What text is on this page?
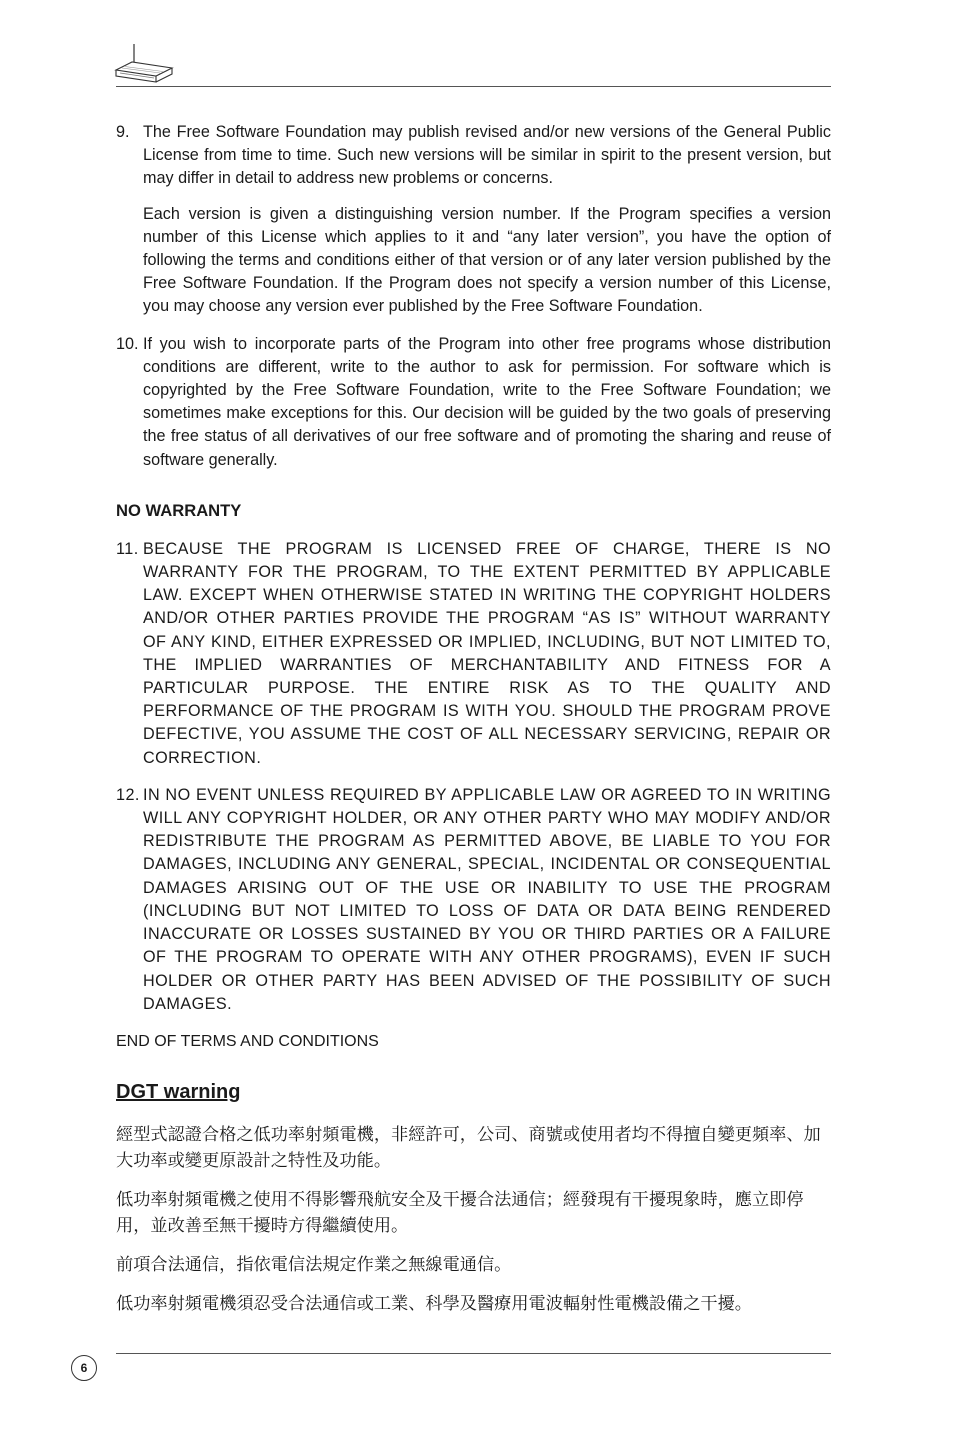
9. The Free Software Foundation may publish revised and/or new versions of the General Public License from time to time. Such new versions will be similar in spirit to the present version, but may differ in detail to address new problems or concerns.

Each version is given a distinguishing version number. If the Program specifies a version number of this License which applies to it and “any later version”, you have the option of following the terms and conditions either of that version or of any later version published by the Free Software Foundation. If the Program does not specify a version number of this License, you may choose any version ever published by the Free Software Foundation.

10. If you wish to incorporate parts of the Program into other free programs whose distribution conditions are different, write to the author to ask for permission. For software which is copyrighted by the Free Software Foundation, write to the Free Software Foundation; we sometimes make exceptions for this. Our decision will be guided by the two goals of preserving the free status of all derivatives of our free software and of promoting the sharing and reuse of software generally.

NO WARRANTY
11. BECAUSE THE PROGRAM IS LICENSED FREE OF CHARGE, THERE IS NO WARRANTY FOR THE PROGRAM, TO THE EXTENT PERMITTED BY APPLICABLE LAW. EXCEPT WHEN OTHERWISE STATED IN WRITING THE COPYRIGHT HOLDERS AND/OR OTHER PARTIES PROVIDE THE PROGRAM “AS IS” WITHOUT WARRANTY OF ANY KIND, EITHER EXPRESSED OR IMPLIED, INCLUDING, BUT NOT LIMITED TO, THE IMPLIED WARRANTIES OF MERCHANTABILITY AND FITNESS FOR A PARTICULAR PURPOSE. THE ENTIRE RISK AS TO THE QUALITY AND PERFORMANCE OF THE PROGRAM IS WITH YOU. SHOULD THE PROGRAM PROVE DEFECTIVE, YOU ASSUME THE COST OF ALL NECESSARY SERVICING, REPAIR OR CORRECTION.

12. IN NO EVENT UNLESS REQUIRED BY APPLICABLE LAW OR AGREED TO IN WRITING WILL ANY COPYRIGHT HOLDER, OR ANY OTHER PARTY WHO MAY MODIFY AND/OR REDISTRIBUTE THE PROGRAM AS PERMITTED ABOVE, BE LIABLE TO YOU FOR DAMAGES, INCLUDING ANY GENERAL, SPECIAL, INCIDENTAL OR CONSEQUENTIAL DAMAGES ARISING OUT OF THE USE OR INABILITY TO USE THE PROGRAM (INCLUDING BUT NOT LIMITED TO LOSS OF DATA OR DATA BEING RENDERED INACCURATE OR LOSSES SUSTAINED BY YOU OR THIRD PARTIES OR A FAILURE OF THE PROGRAM TO OPERATE WITH ANY OTHER PROGRAMS), EVEN IF SUCH HOLDER OR OTHER PARTY HAS BEEN ADVISED OF THE POSSIBILITY OF SUCH DAMAGES.

END OF TERMS AND CONDITIONS

DGT warning

經型式認證合格之低功率射頻電機，非經許可，公司、商號或使用者均不得擅自變更頻率、加大功率或變更原設計之特性及功能。

低功率射頻電機之使用不得影響飛航安全及干擾合法通信；經發現有干擾現象時，應立即停用，並改善至無干擾時方得繼續使用。

前項合法通信，指依電信法規定作業之無線電通信。

低功率射頻電機須忍受合法通信或工業、科學及醫療用電波輻射性電機設備之干擾。

6
